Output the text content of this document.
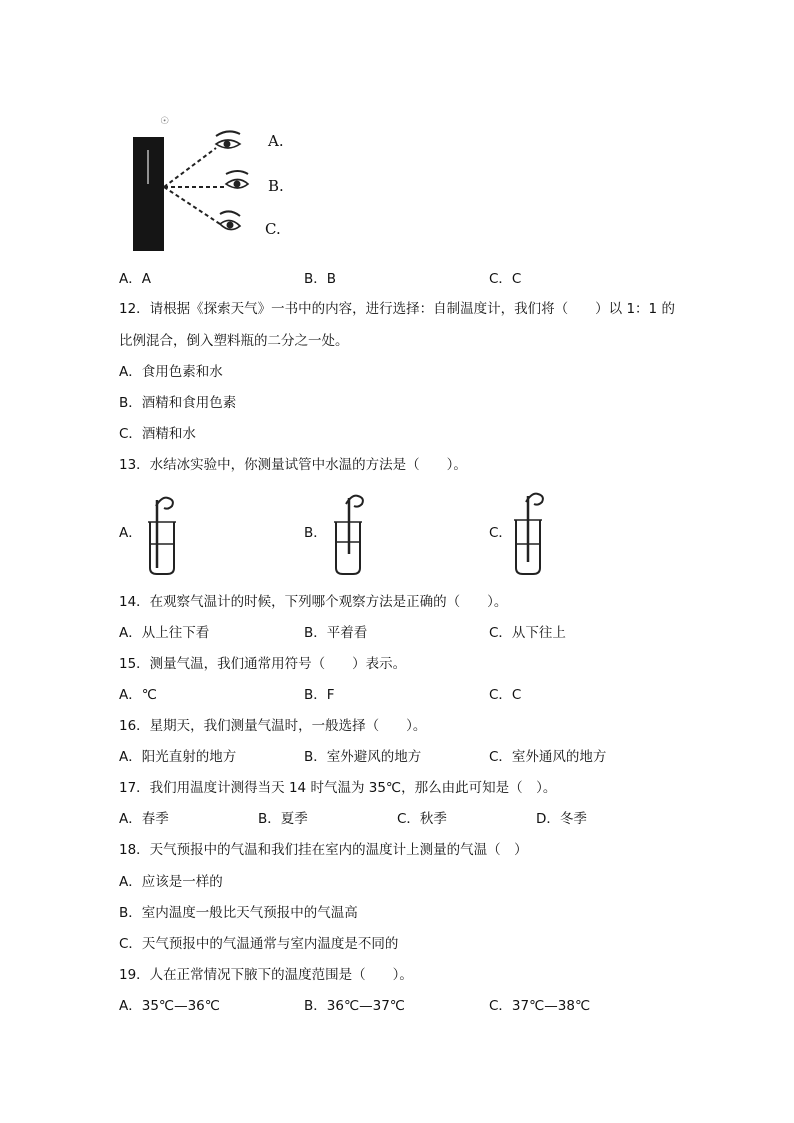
☉
A.
B.
C.
A．A	B．B	C．C
12．请根据《探索天气》一书中的内容，进行选择：自制温度计，我们将（　　）以 1：1 的
比例混合，倒入塑料瓶的二分之一处。
A．食用色素和水
B．酒精和食用色素
C．酒精和水
13．水结冰实验中，你测量试管中水温的方法是（　　）。
A．	B．	C．
14．在观察气温计的时候，下列哪个观察方法是正确的（　　）。
A．从上往下看	B．平着看	C．从下往上
15．测量气温，我们通常用符号（　　）表示。
A．℃	B．F	C．C
16．星期天，我们测量气温时，一般选择（　　）。
A．阳光直射的地方	B．室外避风的地方	C．室外通风的地方
17．我们用温度计测得当天 14 时气温为 35℃，那么由此可知是（　）。
A．春季	B．夏季	C．秋季	D．冬季
18．天气预报中的气温和我们挂在室内的温度计上测量的气温（　）
A．应该是一样的
B．室内温度一般比天气预报中的气温高
C．天气预报中的气温通常与室内温度是不同的
19．人在正常情况下腋下的温度范围是（　　）。
A．35℃—36℃	B．36℃—37℃	C．37℃—38℃
